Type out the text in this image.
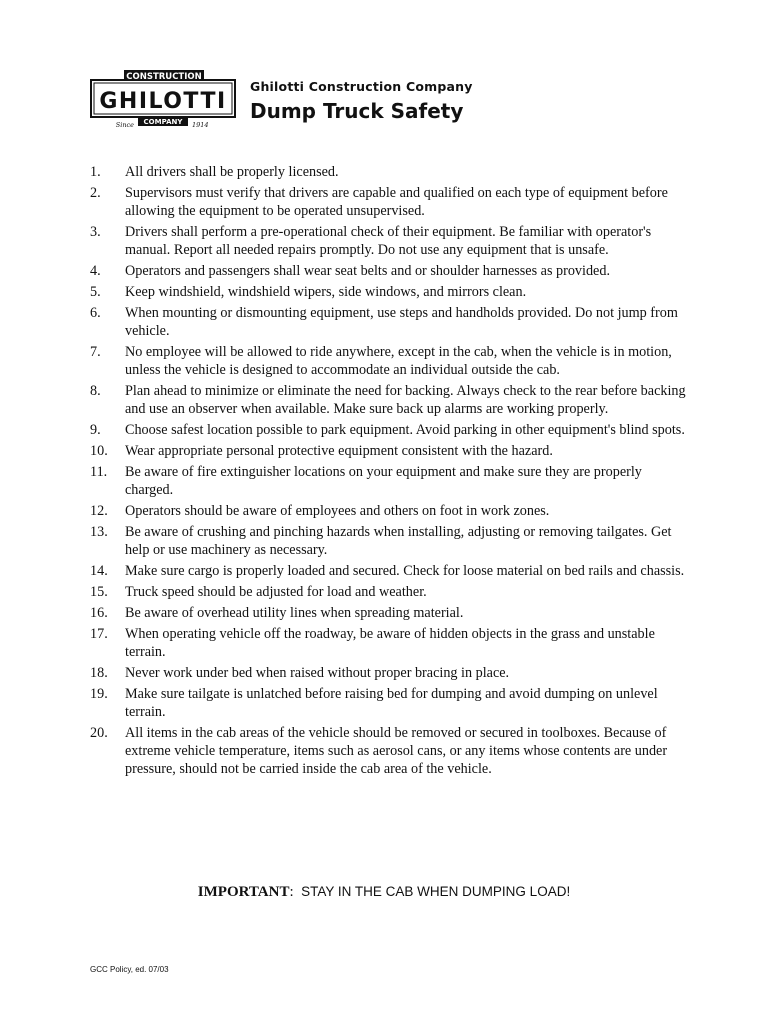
CONSTRUCTION
GHILOTTI
COMPANY
Since	1914
Ghilotti Construction Company
Dump Truck Safety
1.	All drivers shall be properly licensed.
2.	Supervisors must verify that drivers are capable and qualified on each type of equipment before allowing the equipment to be operated unsupervised.
3.	Drivers shall perform a pre-operational check of their equipment. Be familiar with operator's manual. Report all needed repairs promptly. Do not use any equipment that is unsafe.
4.	Operators and passengers shall wear seat belts and or shoulder harnesses as provided.
5.	Keep windshield, windshield wipers, side windows, and mirrors clean.
6.	When mounting or dismounting equipment, use steps and handholds provided. Do not jump from vehicle.
7.	No employee will be allowed to ride anywhere, except in the cab, when the vehicle is in motion, unless the vehicle is designed to accommodate an individual outside the cab.
8.	Plan ahead to minimize or eliminate the need for backing. Always check to the rear before backing and use an observer when available. Make sure back up alarms are working properly.
9.	Choose safest location possible to park equipment. Avoid parking in other equipment's blind spots.
10.	Wear appropriate personal protective equipment consistent with the hazard.
11.	Be aware of fire extinguisher locations on your equipment and make sure they are properly charged.
12.	Operators should be aware of employees and others on foot in work zones.
13.	Be aware of crushing and pinching hazards when installing, adjusting or removing tailgates. Get help or use machinery as necessary.
14.	Make sure cargo is properly loaded and secured. Check for loose material on bed rails and chassis.
15.	Truck speed should be adjusted for load and weather.
16.	Be aware of overhead utility lines when spreading material.
17.	When operating vehicle off the roadway, be aware of hidden objects in the grass and unstable terrain.
18.	Never work under bed when raised without proper bracing in place.
19.	Make sure tailgate is unlatched before raising bed for dumping and avoid dumping on unlevel terrain.
20.	All items in the cab areas of the vehicle should be removed or secured in toolboxes. Because of extreme vehicle temperature, items such as aerosol cans, or any items whose contents are under pressure, should not be carried inside the cab area of the vehicle.
IMPORTANT: STAY IN THE CAB WHEN DUMPING LOAD!
GCC Policy, ed. 07/03
